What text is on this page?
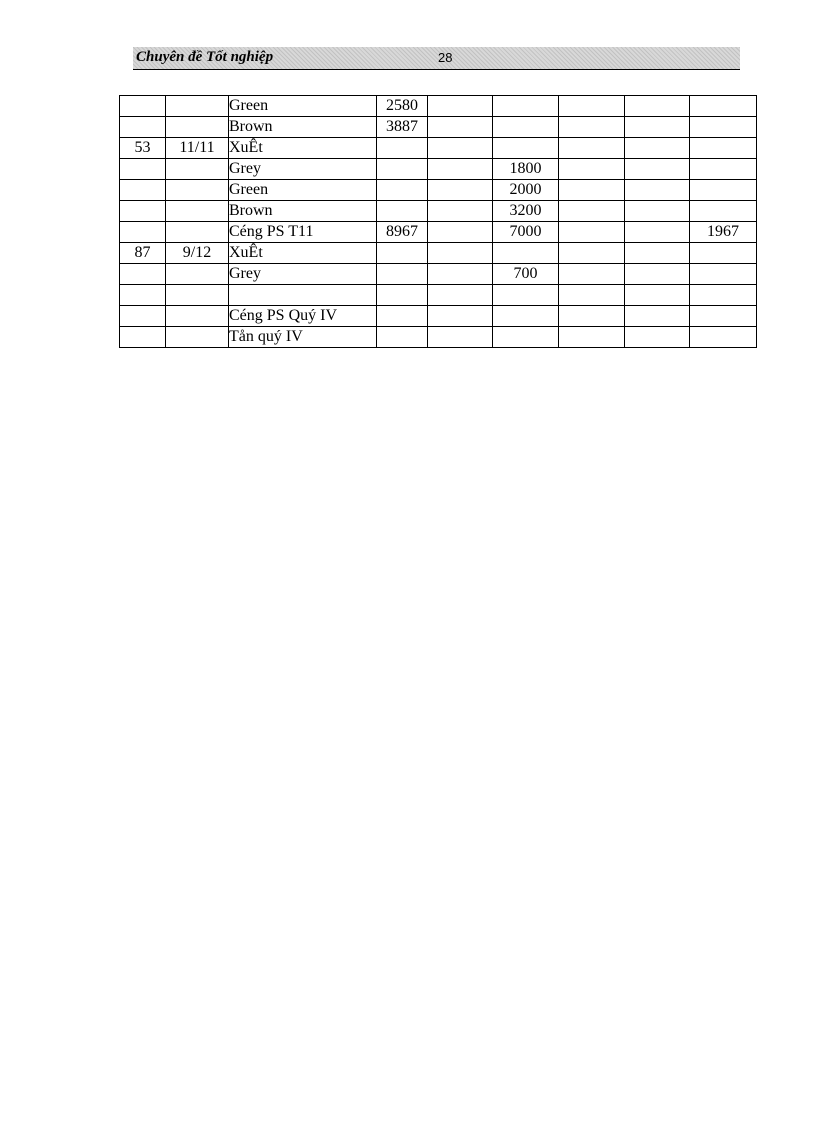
Chuyên đề Tốt nghiệp	28
		Green	2580					
		Brown	3887					
53	11/11	XuÊt						
		Grey			1800			
		Green			2000			
		Brown			3200			
		Céng PS T11	8967		7000			1967
87	9/12	XuÊt						
		Grey			700			

		Céng PS Quý IV						
		Tån quý IV						
